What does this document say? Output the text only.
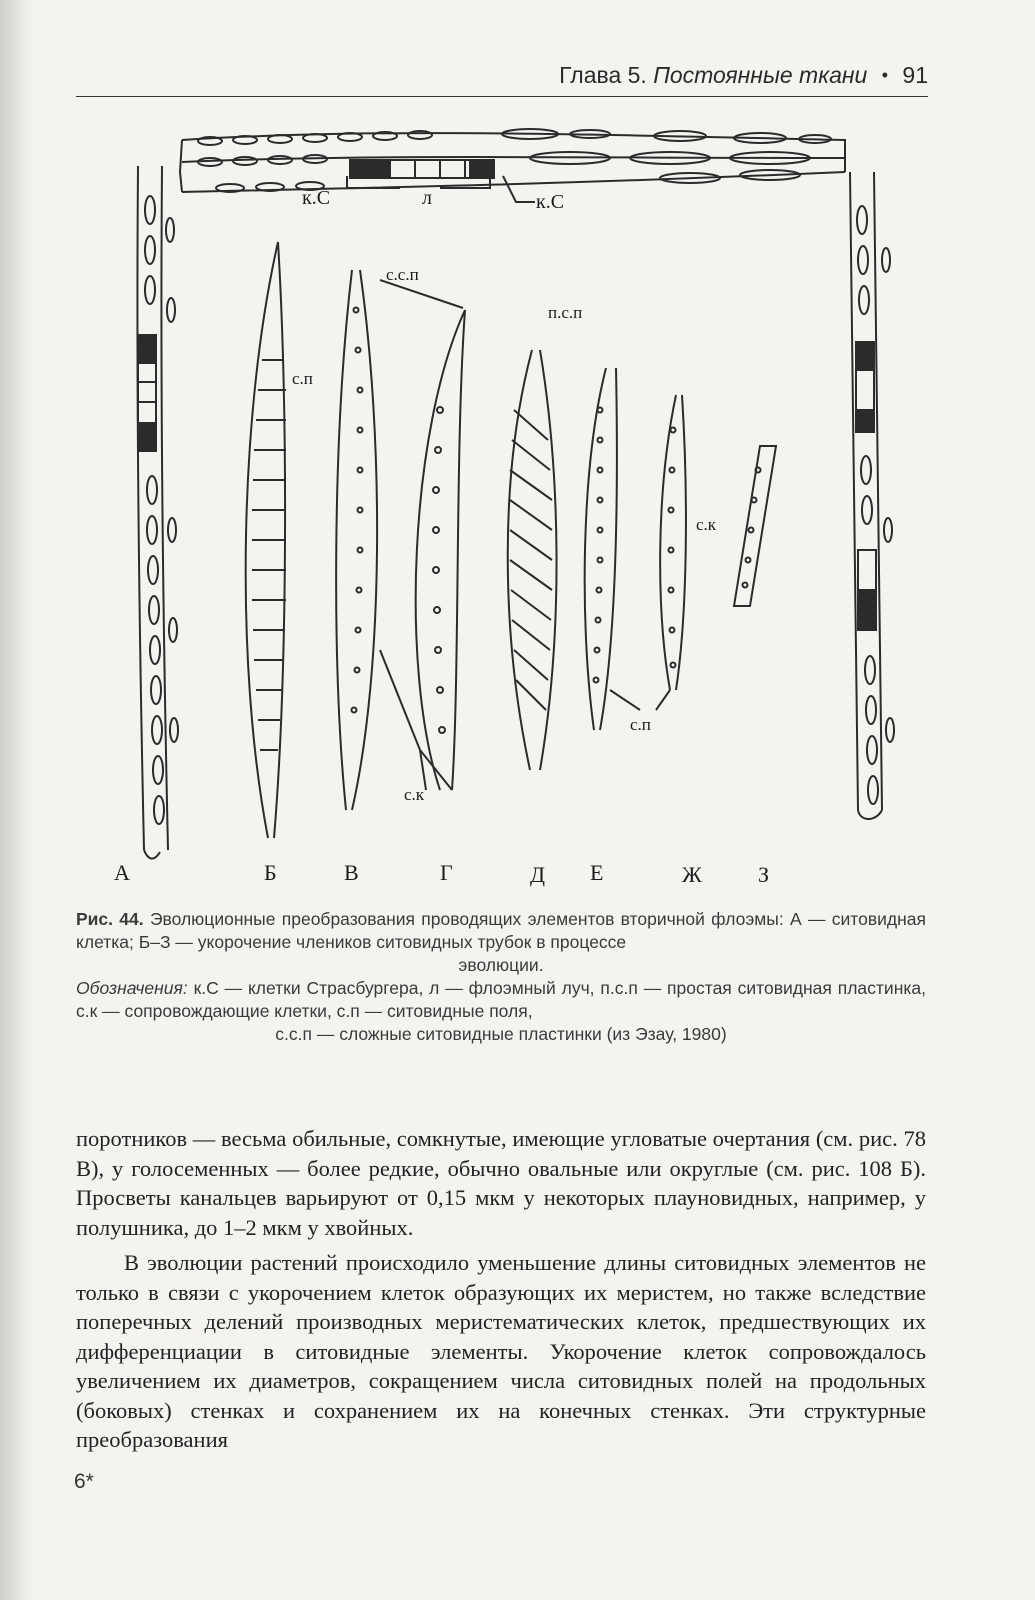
Глава 5. Постоянные ткани • 91
к.С	л	к.С
с.с.п
с.п
п.с.п
с.к
с.к
с.п
А	Б	В	Г	Д Е	Ж	З
Рис. 44. Эволюционные преобразования проводящих элементов вторичной флоэмы: А — ситовидная клетка; Б–З — укорочение члеников ситовидных трубок в процессе
эволюции.
Обозначения: к.С — клетки Страсбургера, л — флоэмный луч, п.с.п — простая ситовидная пластинка, с.к — сопровождающие клетки, с.п — ситовидные поля,
с.с.п — сложные ситовидные пластинки (из Эзау, 1980)

поротников — весьма обильные, сомкнутые, имеющие угловатые очертания (см. рис. 78 В), у голосеменных — более редкие, обычно овальные или округлые (см. рис. 108 Б). Просветы канальцев варьируют от 0,15 мкм у некоторых плауновидных, например, у полушника, до 1–2 мкм у хвойных.

В эволюции растений происходило уменьшение длины ситовидных элементов не только в связи с укорочением клеток образующих их меристем, но также вследствие поперечных делений производных меристематических клеток, предшествующих их дифференциации в ситовидные элементы. Укорочение клеток сопровождалось увеличением их диаметров, сокращением числа ситовидных полей на продольных (боковых) стенках и сохранением их на конечных стенках. Эти структурные преобразования

6*
